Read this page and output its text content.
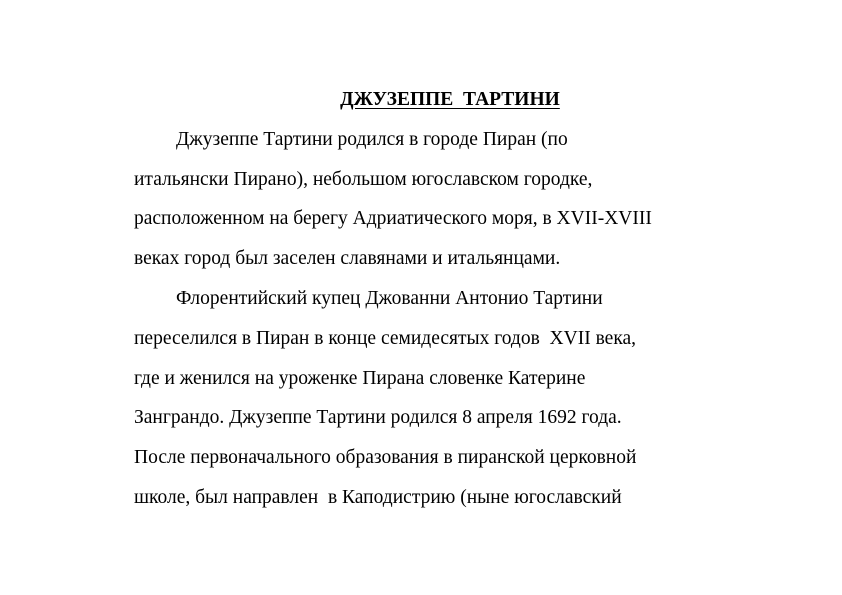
ДЖУЗЕППЕ  ТАРТИНИ
Джузеппе Тартини родился в городе Пиран (по
итальянски Пирано), небольшом югославском городке,
расположенном на берегу Адриатического моря, в XVII-XVIII
веках город был заселен славянами и итальянцами.
Флорентийский купец Джованни Антонио Тартини
переселился в Пиран в конце семидесятых годов  XVII века,
где и женился на уроженке Пирана словенке Катерине
Занграндо. Джузеппе Тартини родился 8 апреля 1692 года.
После первоначального образования в пиранской церковной
школе, был направлен  в Каподистрию (ныне югославский
